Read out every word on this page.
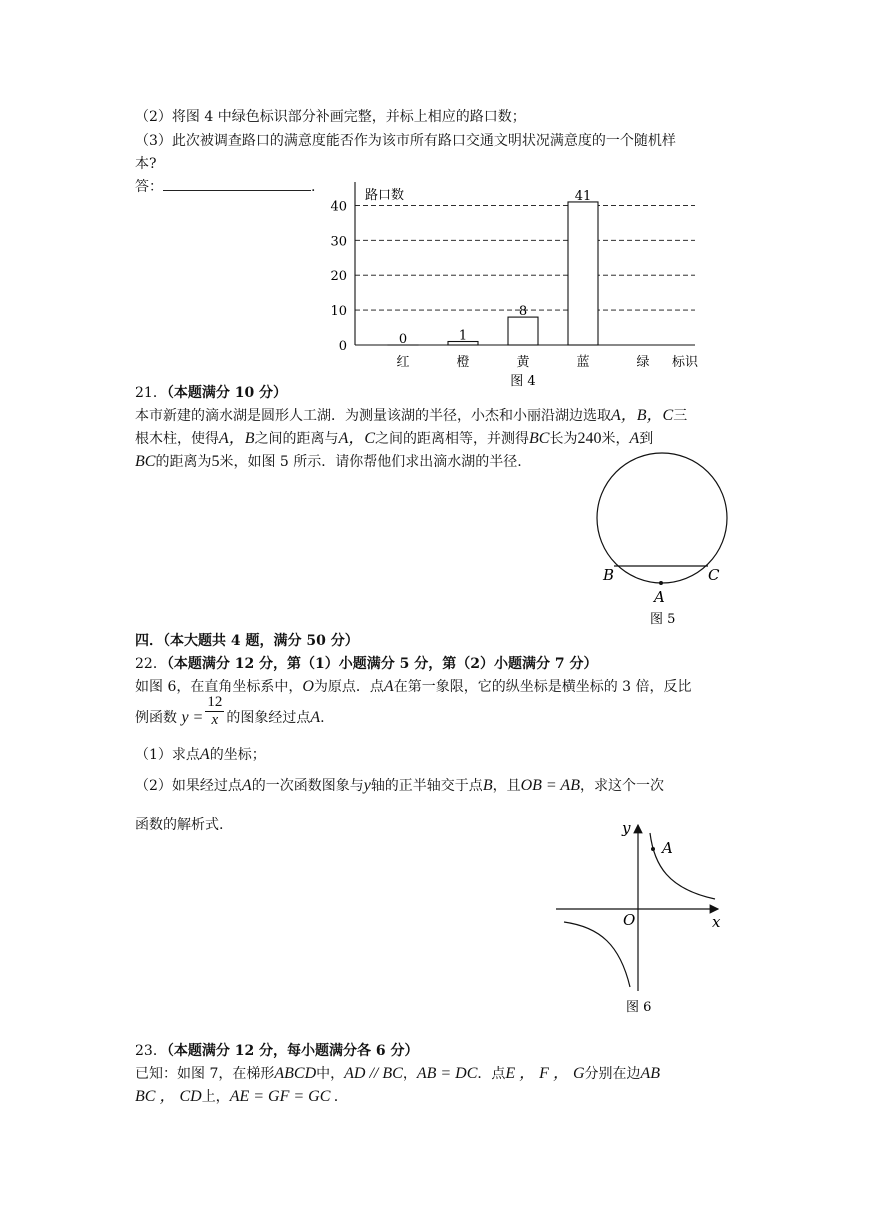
（2）将图 4 中绿色标识部分补画完整，并标上相应的路口数；
（3）此次被调查路口的满意度能否作为该市所有路口交通文明状况满意度的一个随机样
本?
答：	.
0
10
20
30
40
路口数
0
红
1
橙
8
黄
41
蓝	绿 标识
图 4
21．（本题满分 10 分）
本市新建的滴水湖是圆形人工湖．为测量该湖的半径，小杰和小丽沿湖边选取A，B，C三
根木柱，使得A，B之间的距离与A，C之间的距离相等，并测得BC长为240米，A到
BC的距离为5米，如图 5 所示．请你帮他们求出滴水湖的半径.
B	C
A
图 5
四．（本大题共 4 题，满分 50 分）
22．（本题满分 12 分，第（1）小题满分 5 分，第（2）小题满分 7 分）
如图 6，在直角坐标系中，O为原点．点A在第一象限，它的纵坐标是横坐标的 3 倍，反比
例函数 $y = \frac{12}{x}$ 的图象经过点A.
（1）求点A的坐标；
（2）如果经过点A的一次函数图象与y轴的正半轴交于点B，且OB = AB，求这个一次
函数的解析式.	y
A
O	x
图 6
23．（本题满分 12 分，每小题满分各 6 分）
已知：如图 7，在梯形ABCD中，AD // BC，AB = DC．点E ， F ， G分别在边AB
BC ， CD上，AE = GF = GC .
